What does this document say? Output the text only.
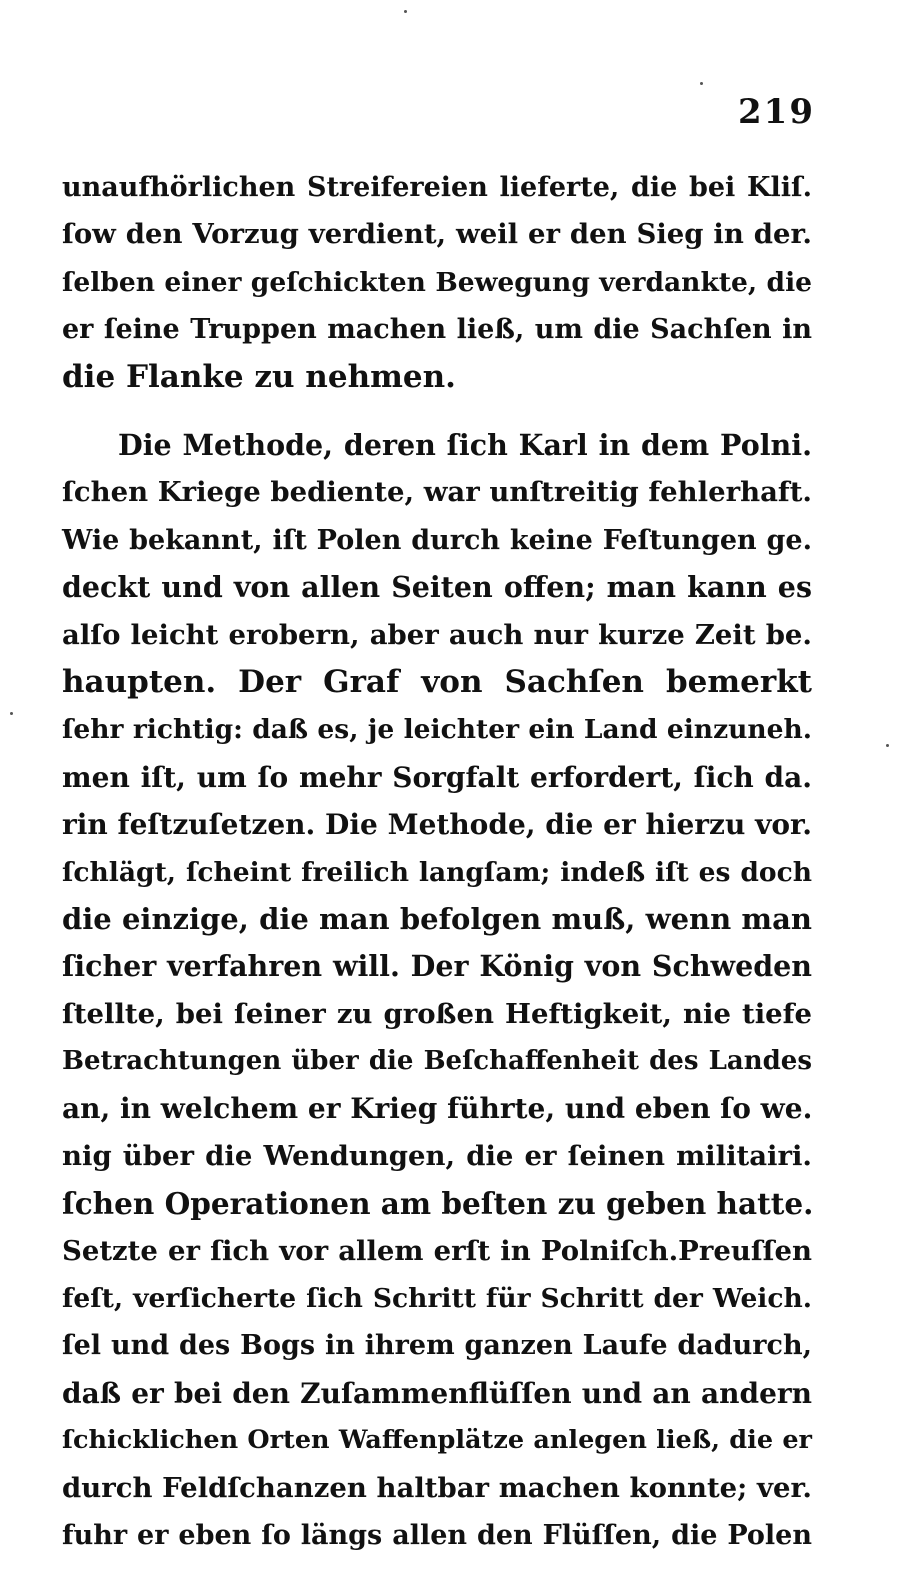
219
unaufhörlichen Streifereien lieferte, die bei Kliſ.
ſow den Vorzug verdient, weil er den Sieg in der.
ſelben einer geſchickten Bewegung verdankte, die
er ſeine Truppen machen ließ, um die Sachſen in
die Flanke zu nehmen.
Die Methode, deren ſich Karl in dem Polni.
ſchen Kriege bediente, war unſtreitig fehlerhaft.
Wie bekannt, iſt Polen durch keine Feſtungen ge.
deckt und von allen Seiten offen; man kann es
alſo leicht erobern, aber auch nur kurze Zeit be.
haupten. Der Graf von Sachſen bemerkt
ſehr richtig: daß es, je leichter ein Land einzuneh.
men iſt, um ſo mehr Sorgfalt erfordert, ſich da.
rin feſtzuſetzen. Die Methode, die er hierzu vor.
ſchlägt, ſcheint freilich langſam; indeß iſt es doch
die einzige, die man befolgen muß, wenn man
ſicher verfahren will. Der König von Schweden
ſtellte, bei ſeiner zu großen Heftigkeit, nie tiefe
Betrachtungen über die Beſchaffenheit des Landes
an, in welchem er Krieg führte, und eben ſo we.
nig über die Wendungen, die er ſeinen militairi.
ſchen Operationen am beſten zu geben hatte.
Setzte er ſich vor allem erſt in Polniſch.Preuſſen
feſt, verſicherte ſich Schritt für Schritt der Weich.
ſel und des Bogs in ihrem ganzen Laufe dadurch,
daß er bei den Zuſammenflüſſen und an andern
ſchicklichen Orten Waffenplätze anlegen ließ, die er
durch Feldſchanzen haltbar machen konnte; ver.
fuhr er eben ſo längs allen den Flüſſen, die Polen
